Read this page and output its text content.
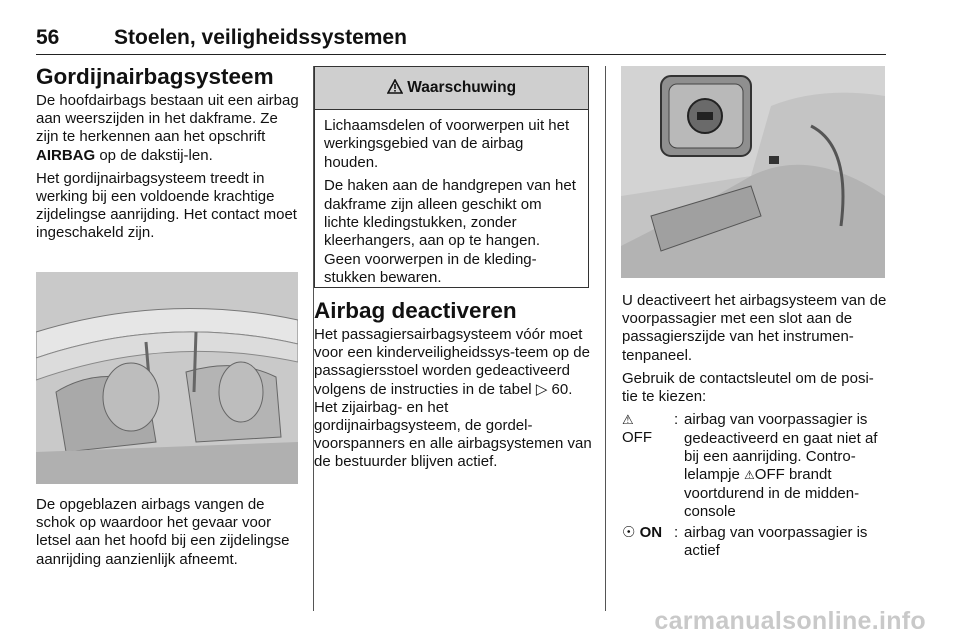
56	Stoelen, veiligheidssystemen
Gordijnairbagsysteem

De hoofdairbags bestaan uit een airbag aan weerszijden in het dakframe. Ze zijn te herkennen aan het opschrift AIRBAG op de dakstij-len.

Het gordijnairbagsysteem treedt in werking bij een voldoende krachtige zijdelingse aanrijding. Het contact moet ingeschakeld zijn.

De opgeblazen airbags vangen de schok op waardoor het gevaar voor letsel aan het hoofd bij een zijdelingse aanrijding aanzienlijk afneemt.

Waarschuwing

Lichaamsdelen of voorwerpen uit het werkingsgebied van de airbag houden.

De haken aan de handgrepen van het dakframe zijn alleen geschikt om lichte kledingstukken, zonder kleerhangers, aan op te hangen. Geen voorwerpen in de kleding-stukken bewaren.

Airbag deactiveren

Het passagiersairbagsysteem vóór moet voor een kinderveiligheidssys-teem op de passagiersstoel worden gedeactiveerd volgens de instructies in de tabel ▷ 60. Het zijairbag- en het gordijnairbagsysteem, de gordel-voorspanners en alle airbagsystemen van de bestuurder blijven actief.

U deactiveert het airbagsysteem van de voorpassagier met een slot aan de passagierszijde van het instrumen-tenpaneel.

Gebruik de contactsleutel om de posi-tie te kiezen:

⚠︎
OFF
: airbag van voorpassagier is gedeactiveerd en gaat niet af bij een aanrijding. Contro-lelampje ⚠︎OFF brandt voortdurend in de midden-console
☉ ON : airbag van voorpassagier is actief
carmanualsonline.info
